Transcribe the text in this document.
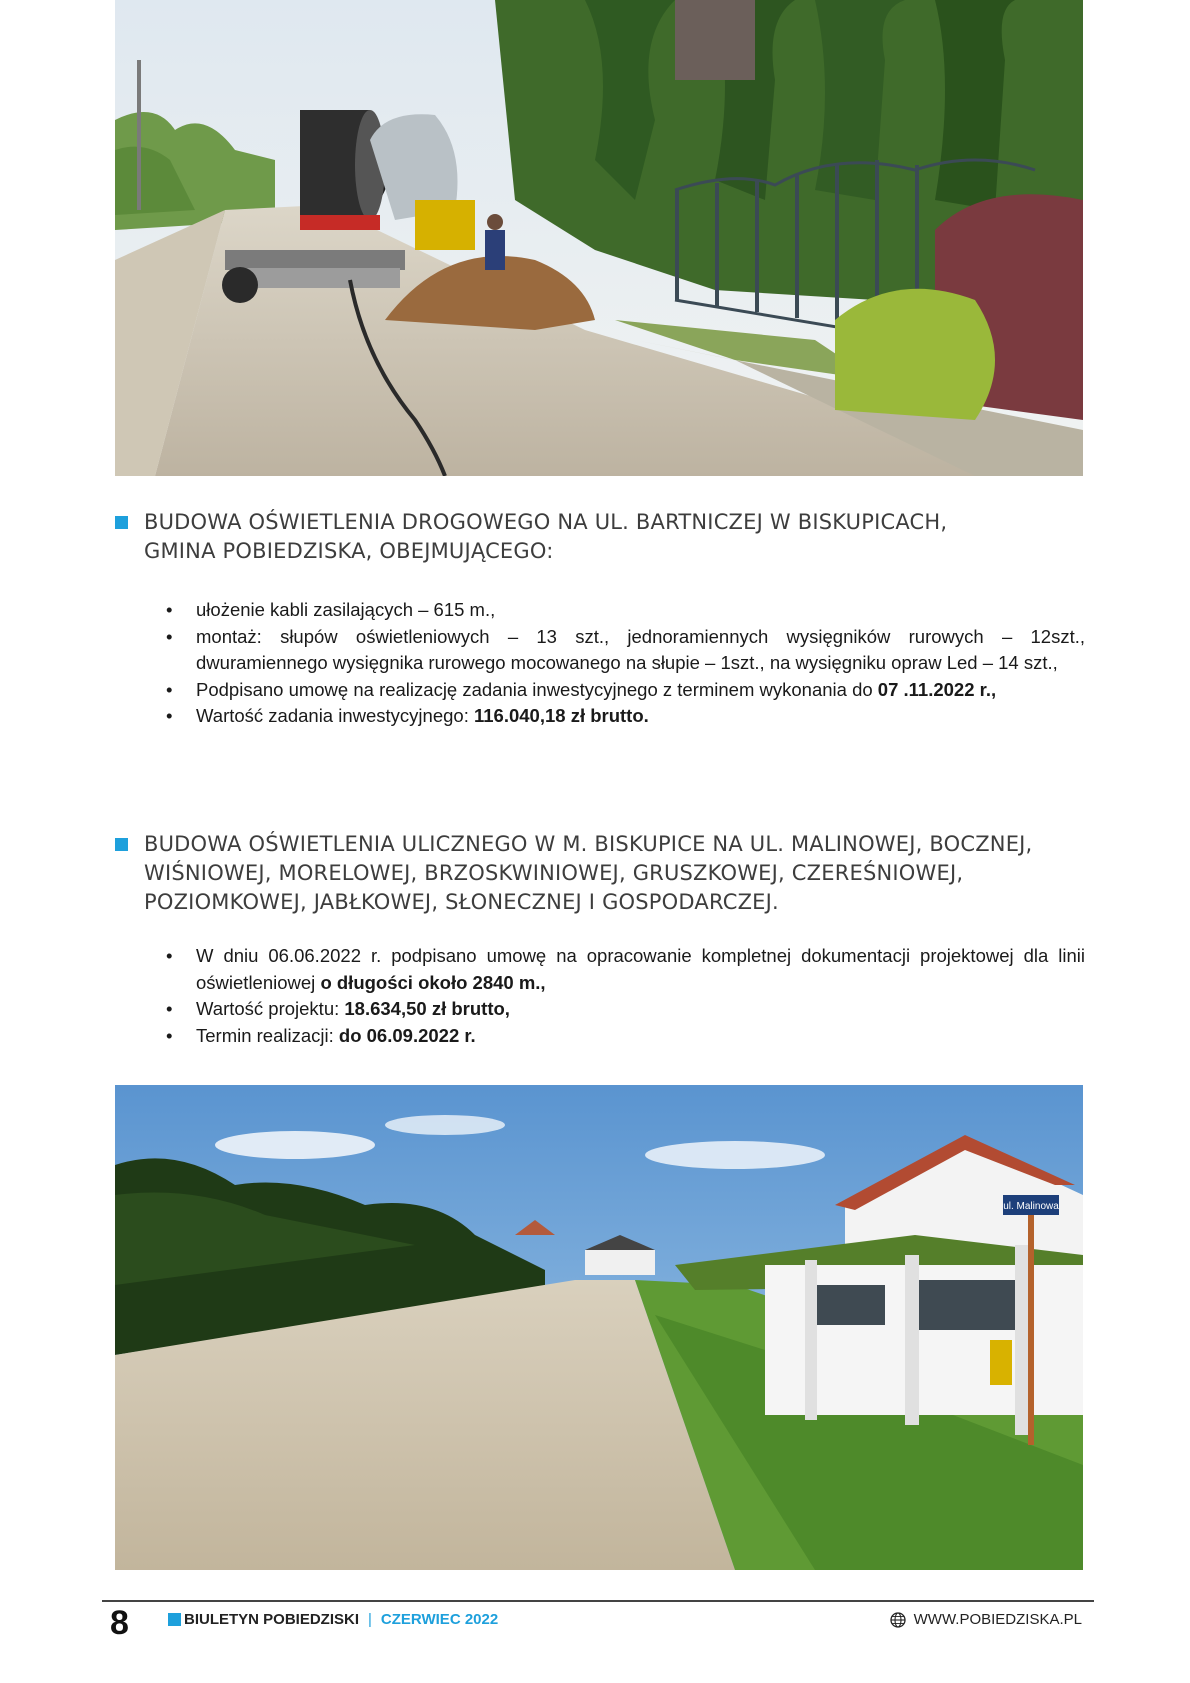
BUDOWA OŚWIETLENIA DROGOWEGO NA UL. BARTNICZEJ W BISKUPICACH,
GMINA POBIEDZISKA, OBEJMUJĄCEGO:
• ułożenie kabli zasilających – 615 m.,
• montaż: słupów oświetleniowych – 13 szt., jednoramiennych wysięgników rurowych – 12szt., dwuramiennego wysięgnika rurowego mocowanego na słupie – 1szt., na wysięgniku opraw Led – 14 szt.,
• Podpisano umowę na realizację zadania inwestycyjnego z terminem wykonania do 07 .11.2022 r.,
• Wartość zadania inwestycyjnego: 116.040,18 zł brutto.
BUDOWA OŚWIETLENIA ULICZNEGO W M. BISKUPICE NA UL. MALINOWEJ, BOCZNEJ,
WIŚNIOWEJ, MORELOWEJ, BRZOSKWINIOWEJ, GRUSZKOWEJ, CZEREŚNIOWEJ,
POZIOMKOWEJ, JABŁKOWEJ, SŁONECZNEJ I GOSPODARCZEJ.
• W dniu 06.06.2022 r. podpisano umowę na opracowanie kompletnej dokumentacji projektowej dla linii oświetleniowej o długości około 2840 m.,
• Wartość projektu: 18.634,50 zł brutto,
• Termin realizacji: do 06.09.2022 r.
ul. Malinowa
8	BIULETYN POBIEDZISKI | CZERWIEC 2022	WWW.POBIEDZISKA.PL
